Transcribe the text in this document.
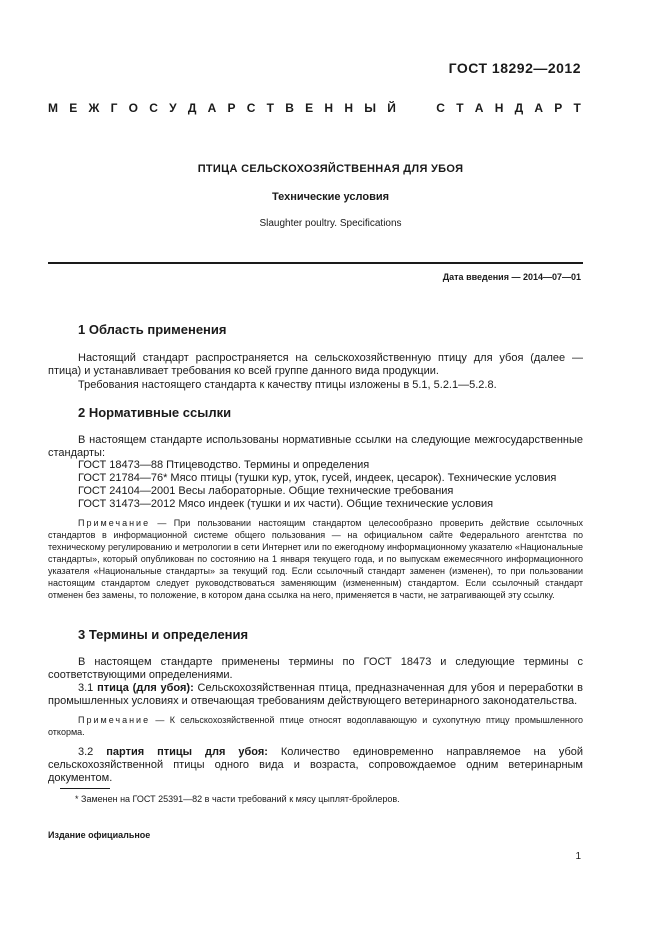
ГОСТ 18292—2012
М Е Ж Г О С У Д А Р С Т В Е Н Н Ы Й	С Т А Н Д А Р Т
ПТИЦА СЕЛЬСКОХОЗЯЙСТВЕННАЯ ДЛЯ УБОЯ
Технические условия
Slaughter poultry. Specifications
Дата введения — 2014—07—01
1 Область применения
Настоящий стандарт распространяется на сельскохозяйственную птицу для убоя (далее — птица) и устанавливает требования ко всей группе данного вида продукции.
Требования настоящего стандарта к качеству птицы изложены в 5.1, 5.2.1—5.2.8.
2 Нормативные ссылки
В настоящем стандарте использованы нормативные ссылки на следующие межгосударственные стандарты:
ГОСТ 18473—88 Птицеводство. Термины и определения
ГОСТ 21784—76* Мясо птицы (тушки кур, уток, гусей, индеек, цесарок). Технические условия
ГОСТ 24104—2001 Весы лабораторные. Общие технические требования
ГОСТ 31473—2012 Мясо индеек (тушки и их части). Общие технические условия
Примечание — При пользовании настоящим стандартом целесообразно проверить действие ссылочных стандартов в информационной системе общего пользования — на официальном сайте Федерального агентства по техническому регулированию и метрологии в сети Интернет или по ежегодному информационному указателю «Национальные стандарты», который опубликован по состоянию на 1 января текущего года, и по выпускам ежемесячного информационного указателя «Национальные стандарты» за текущий год. Если ссылочный стандарт заменен (изменен), то при пользовании настоящим стандартом следует руководствоваться заменяющим (измененным) стандартом. Если ссылочный стандарт отменен без замены, то положение, в котором дана ссылка на него, применяется в части, не затрагивающей эту ссылку.
3 Термины и определения
В настоящем стандарте применены термины по ГОСТ 18473 и следующие термины с соответствующими определениями.
3.1 птица (для убоя): Сельскохозяйственная птица, предназначенная для убоя и переработки в промышленных условиях и отвечающая требованиям действующего ветеринарного законодательства.
Примечание — К сельскохозяйственной птице относят водоплавающую и сухопутную птицу промышленного откорма.
3.2 партия птицы для убоя: Количество единовременно направляемое на убой сельскохозяйственной птицы одного вида и возраста, сопровождаемое одним ветеринарным документом.
* Заменен на ГОСТ 25391—82 в части требований к мясу цыплят-бройлеров.
Издание официальное
1
